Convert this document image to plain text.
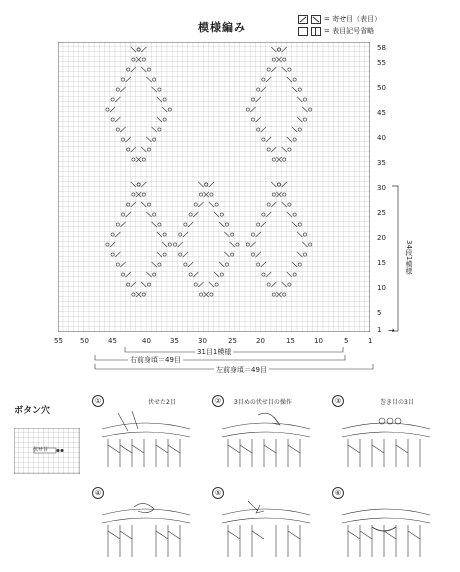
模様編み
= 寄せ目（表目）
= 表目記号省略
58
55
50
45
40
35
30
25
20
15
10
5
1
34段1模様
→
55 50	45	40	35	30	25	20	15	10	5	1
31目1模様
右前身頃＝49目
左前身頃＝49目
ボタン穴
伏せ目
①	伏せた2目	②	3目めの伏せ目の操作	③	巻き目の3目
④	⑤	⑥
